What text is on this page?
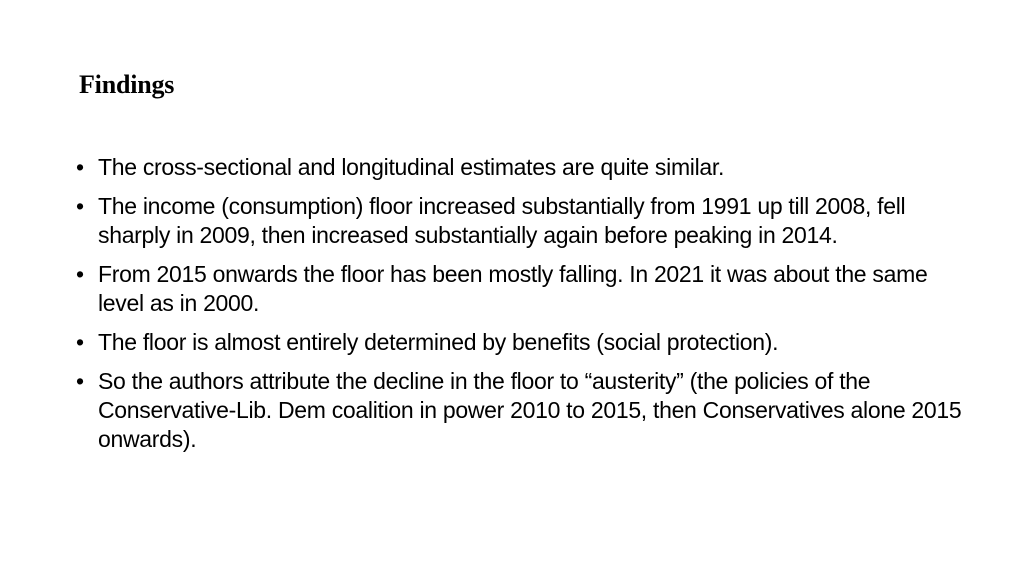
Findings
• The cross-sectional and longitudinal estimates are quite similar.
• The income (consumption) floor increased substantially from 1991 up till 2008, fell sharply in 2009, then increased substantially again before peaking in 2014.
• From 2015 onwards the floor has been mostly falling. In 2021 it was about the same level as in 2000.
• The floor is almost entirely determined by benefits (social protection).
• So the authors attribute the decline in the floor to “austerity” (the policies of the Conservative-Lib. Dem coalition in power 2010 to 2015, then Conservatives alone 2015 onwards).
